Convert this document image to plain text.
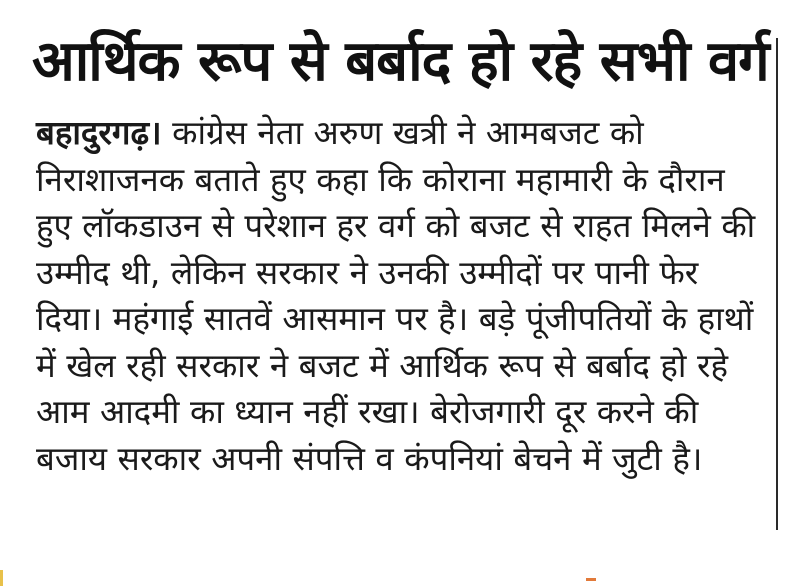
आर्थिक रूप से बर्बाद हो रहे सभी वर्ग

बहादुरगढ़। कांग्रेस नेता अरुण खत्री ने आमबजट को निराशाजनक बताते हुए कहा कि कोराना महामारी के दौरान हुए लॉकडाउन से परेशान हर वर्ग को बजट से राहत मिलने की उम्मीद थी, लेकिन सरकार ने उनकी उम्मीदों पर पानी फेर दिया। महंगाई सातवें आसमान पर है। बड़े पूंजीपतियों के हाथों में खेल रही सरकार ने बजट में आर्थिक रूप से बर्बाद हो रहे आम आदमी का ध्यान नहीं रखा। बेरोजगारी दूर करने की बजाय सरकार अपनी संपत्ति व कंपनियां बेचने में जुटी है।
